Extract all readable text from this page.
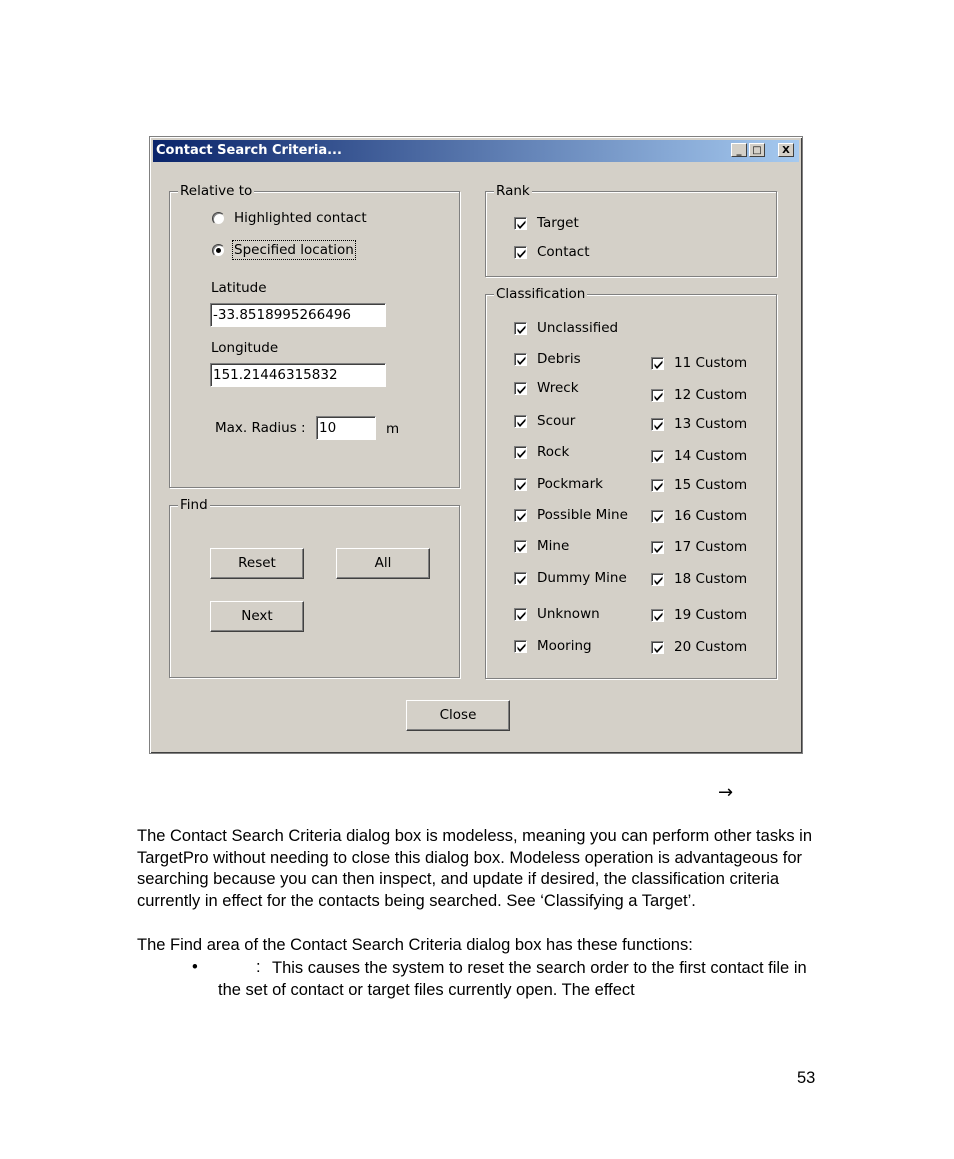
Contact Search Criteria...	_	□	X
Relative to
Highlighted contact
Specified location
Latitude
-33.8518995266496
Longitude
151.21446315832
Max. Radius : 10	m
Find
Reset	All
Next
Rank
Target
Contact
Classification
Unclassified
Debris
Wreck
Scour
Rock
Pockmark
Possible Mine
Mine
Dummy Mine
Unknown
Mooring
11 Custom
12 Custom
13 Custom
14 Custom
15 Custom
16 Custom
17 Custom
18 Custom
19 Custom
20 Custom
Close
→
The Contact Search Criteria dialog box is modeless, meaning you can perform other tasks in TargetPro without needing to close this dialog box. Modeless operation is advantageous for searching because you can then inspect, and update if desired, the classification criteria currently in effect for the contacts being searched. See ‘Classifying a Target’.
The Find area of the Contact Search Criteria dialog box has these functions:
•	: This causes the system to reset the search order to the first contact file in the set of contact or target files currently open. The effect
53
